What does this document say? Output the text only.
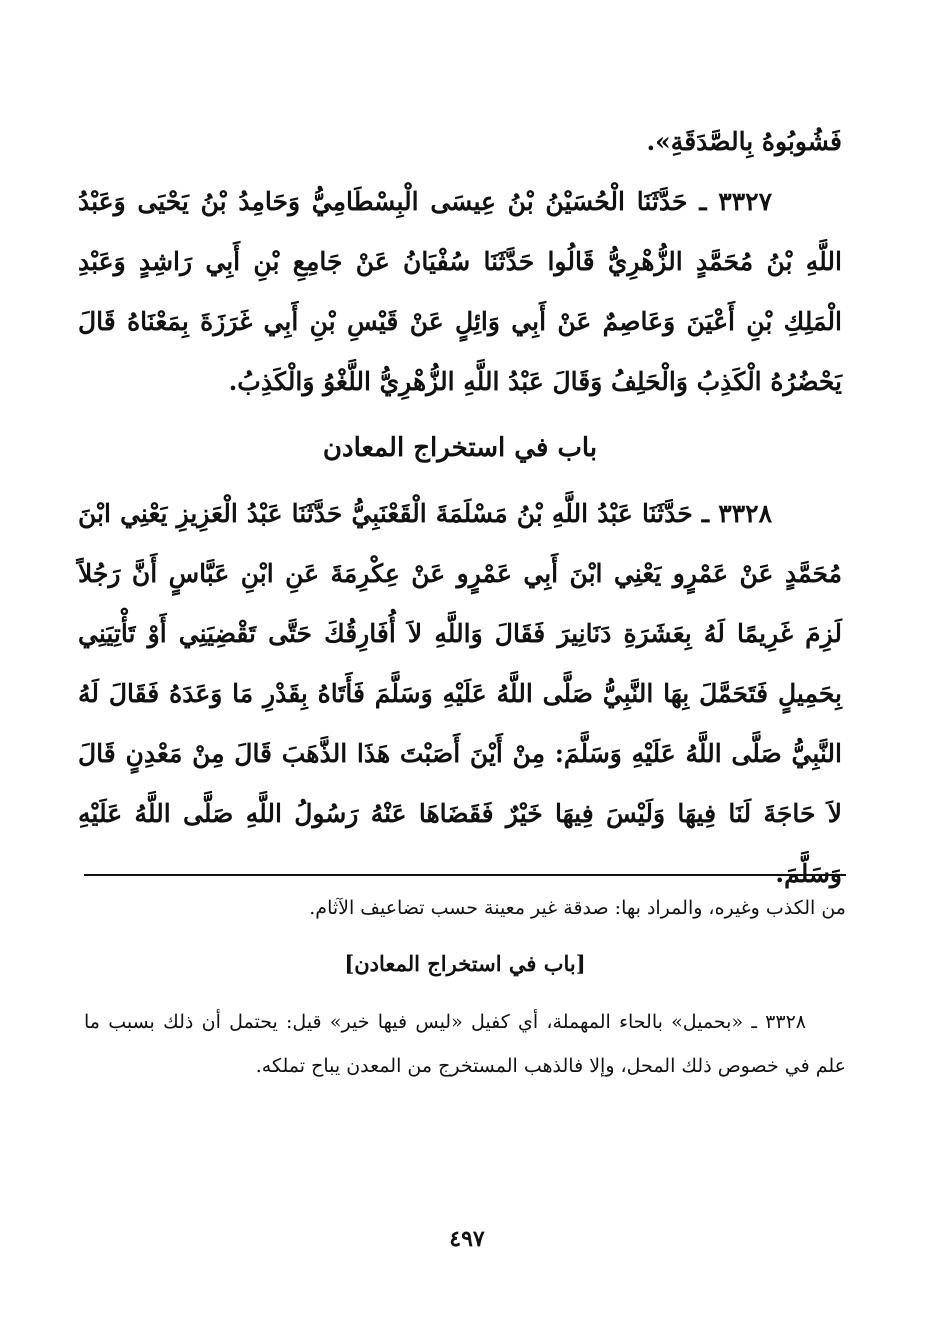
فَشُوبُوهُ بِالصَّدَقَةِ».

٣٣٢٧ ـ حَدَّثَنَا الْحُسَيْنُ بْنُ عِيسَى الْبِسْطَامِيُّ وَحَامِدُ بْنُ يَحْيَى وَعَبْدُ اللَّهِ بْنُ مُحَمَّدٍ الزُّهْرِيُّ قَالُوا حَدَّثَنَا سُفْيَانُ عَنْ جَامِعِ بْنِ أَبِي رَاشِدٍ وَعَبْدِ الْمَلِكِ بْنِ أَعْيَنَ وَعَاصِمٌ عَنْ أَبِي وَائِلٍ عَنْ قَيْسِ بْنِ أَبِي غَرَزَةَ بِمَعْنَاهُ قَالَ يَحْضُرُهُ الْكَذِبُ وَالْحَلِفُ وَقَالَ عَبْدُ اللَّهِ الزُّهْرِيُّ اللَّغْوُ وَالْكَذِبُ.

باب في استخراج المعادن

٣٣٢٨ ـ حَدَّثَنَا عَبْدُ اللَّهِ بْنُ مَسْلَمَةَ الْقَعْنَبِيُّ حَدَّثَنَا عَبْدُ الْعَزِيزِ يَعْنِي ابْنَ مُحَمَّدٍ عَنْ عَمْرٍو يَعْنِي ابْنَ أَبِي عَمْرٍو عَنْ عِكْرِمَةَ عَنِ ابْنِ عَبَّاسٍ أَنَّ رَجُلاً لَزِمَ غَرِيمًا لَهُ بِعَشَرَةِ دَنَانِيرَ فَقَالَ وَاللَّهِ لاَ أُفَارِقُكَ حَتَّى تَقْضِيَنِي أَوْ تَأْتِيَنِي بِحَمِيلٍ فَتَحَمَّلَ بِهَا النَّبِيُّ صَلَّى اللَّهُ عَلَيْهِ وَسَلَّمَ فَأَتَاهُ بِقَدْرِ مَا وَعَدَهُ فَقَالَ لَهُ النَّبِيُّ صَلَّى اللَّهُ عَلَيْهِ وَسَلَّمَ: مِنْ أَيْنَ أَصَبْتَ هَذَا الذَّهَبَ قَالَ مِنْ مَعْدِنٍ قَالَ لاَ حَاجَةَ لَنَا فِيهَا وَلَيْسَ فِيهَا خَيْرٌ فَقَضَاهَا عَنْهُ رَسُولُ اللَّهِ صَلَّى اللَّهُ عَلَيْهِ وَسَلَّمَ.

من الكذب وغيره، والمراد بها: صدقة غير معينة حسب تضاعيف الآثام.

[باب في استخراج المعادن]

٣٣٢٨ ـ «بحميل» بالحاء المهملة، أي كفيل «ليس فيها خير» قيل: يحتمل أن ذلك بسبب ما علم في خصوص ذلك المحل، وإلا فالذهب المستخرج من المعدن يباح تملكه.

٤٩٧
